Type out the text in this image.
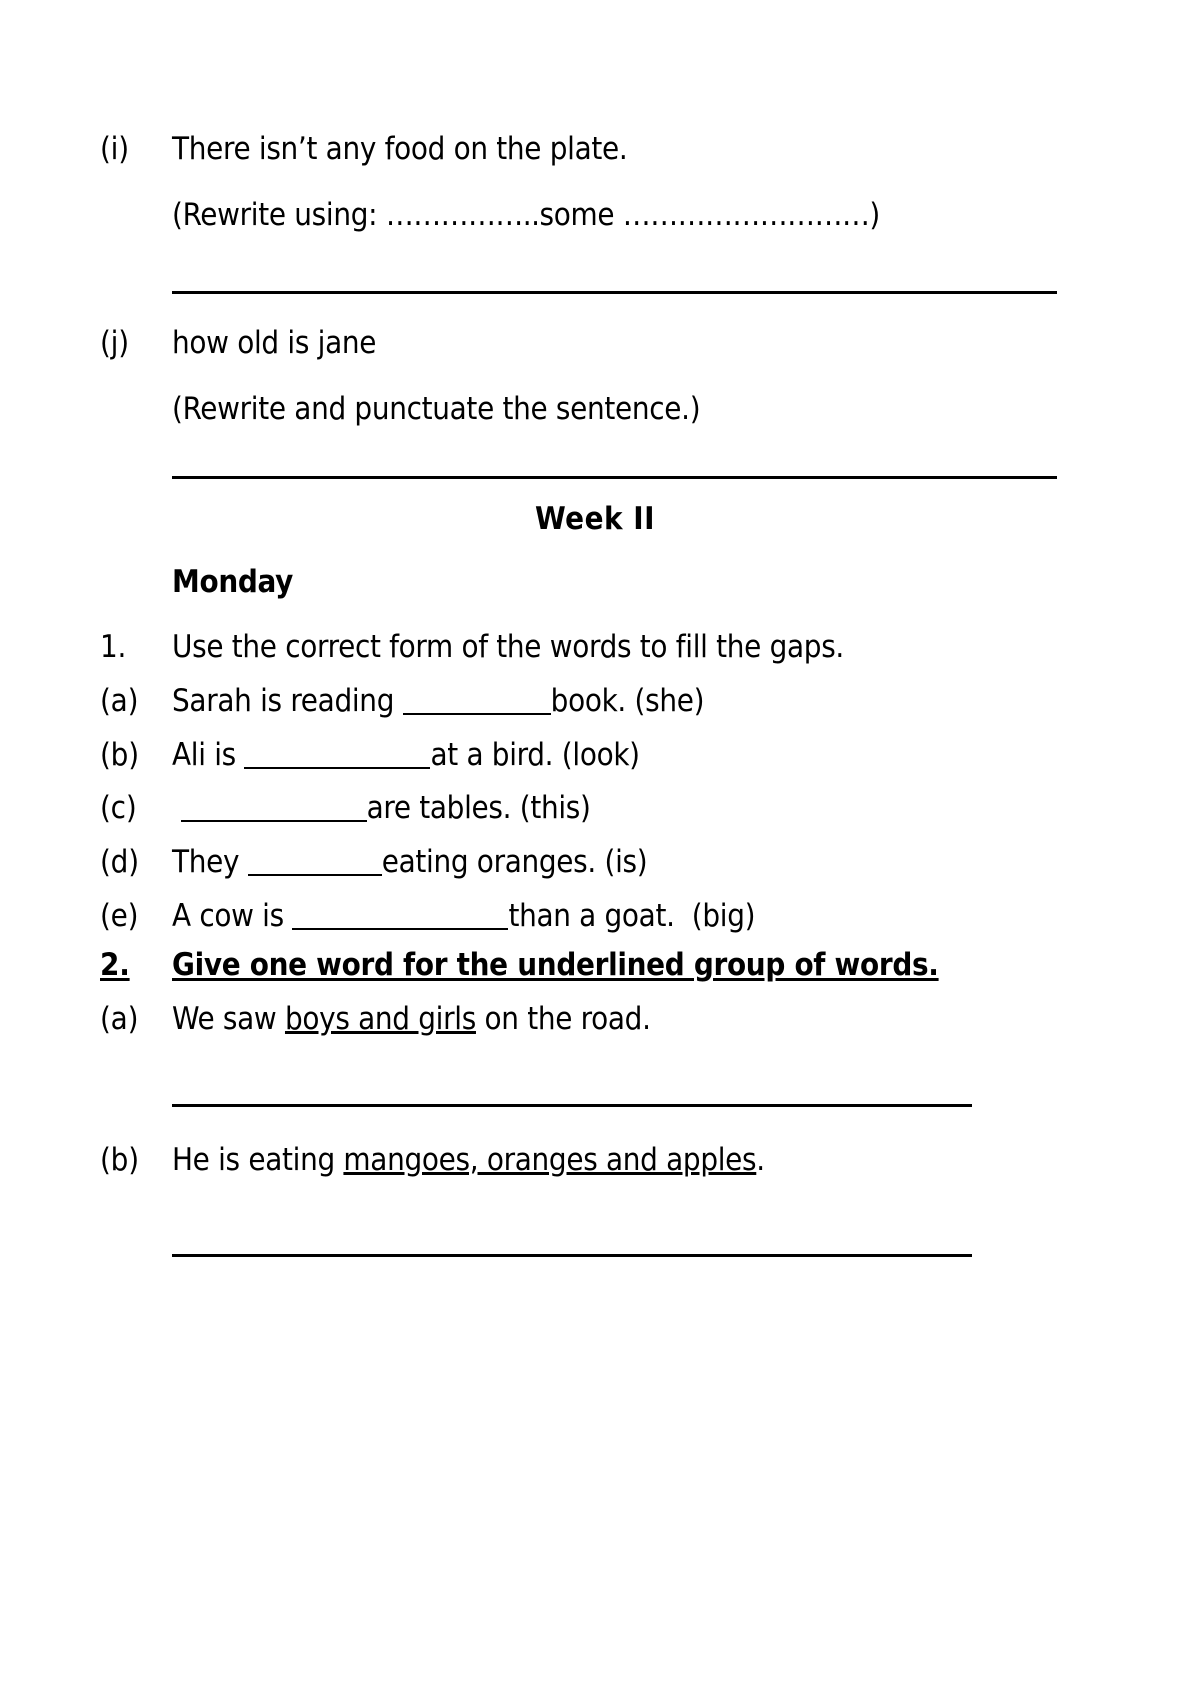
(i)	There isn’t any food on the plate.
(Rewrite using: ……………..some ………………………)
(j)	how old is jane
(Rewrite and punctuate the sentence.)
Week II
Monday
1.	Use the correct form of the words to fill the gaps.
(a)	Sarah is reading	book. (she)
(b)	Ali is	at a bird. (look)
(c)	are tables. (this)
(d)	They	eating oranges. (is)
(e)	A cow is	than a goat.  (big)
2.	Give one word for the underlined group of words.
(a)	We saw boys and girls on the road.
(b)	He is eating mangoes, oranges and apples.
